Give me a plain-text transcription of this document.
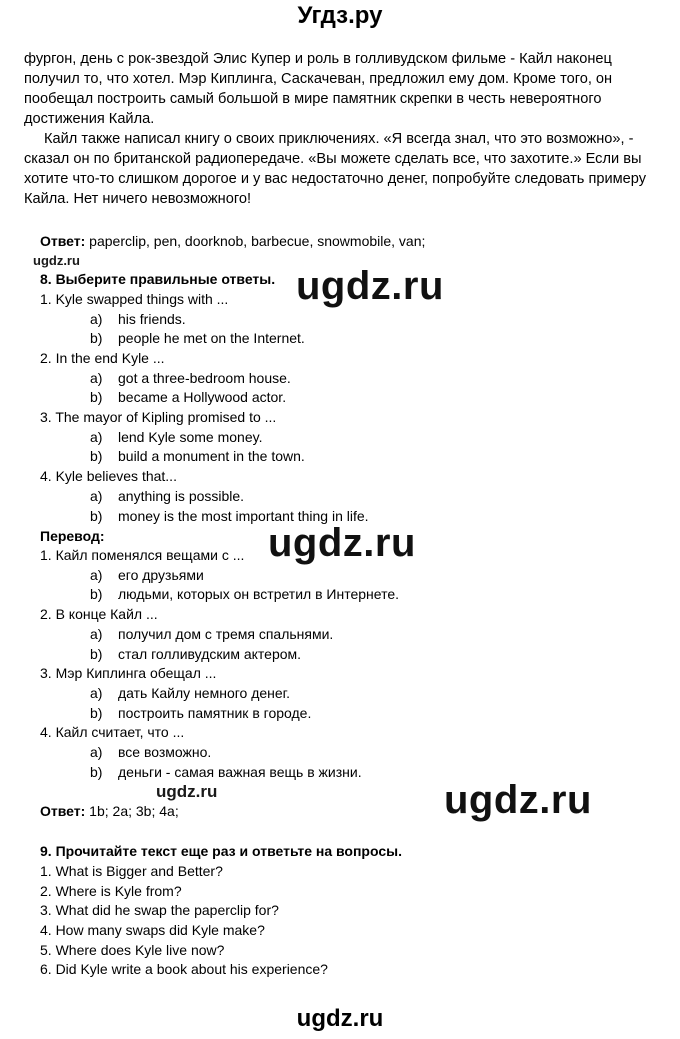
Угдз.ру

фургон, день с рок-звездой Элис Купер и роль в голливудском фильме - Кайл наконец получил то, что хотел. Мэр Киплинга, Саскачеван, предложил ему дом. Кроме того, он пообещал построить самый большой в мире памятник скрепки в честь невероятного достижения Кайла.

Кайл также написал книгу о своих приключениях. «Я всегда знал, что это возможно», - сказал он по британской радиопередаче. «Вы можете сделать все, что захотите.» Если вы хотите что-то слишком дорогое и у вас недостаточно денег, попробуйте следовать примеру Кайла. Нет ничего невозможного!

Ответ: paperclip, pen, doorknob, barbecue, snowmobile, van;
ugdz.ru
8. Выберите правильные ответы. ugdz.ru
1. Kyle swapped things with ...
a) his friends.
b) people he met on the Internet.
2. In the end Kyle ...
a) got a three-bedroom house.
b) became a Hollywood actor.
3. The mayor of Kipling promised to ...
a) lend Kyle some money.
b) build a monument in the town.
4. Kyle believes that...
a) anything is possible.
b) money is the most important thing in life.
Перевод:	ugdz.ru
1. Кайл поменялся вещами с ...
a) его друзьями
b) людьми, которых он встретил в Интернете.
2. В конце Кайл ...
a) получил дом с тремя спальнями.
b) стал голливудским актером.
3. Мэр Киплинга обещал ...
a) дать Кайлу немного денег.
b) построить памятник в городе.
4. Кайл считает, что ...
a) все возможно.
b) деньги - самая важная вещь в жизни.
ugdz.ru
Ответ: 1b; 2a; 3b; 4a;	ugdz.ru
9. Прочитайте текст еще раз и ответьте на вопросы.
1. What is Bigger and Better?
2. Where is Kyle from?
3. What did he swap the paperclip for?
4. How many swaps did Kyle make?
5. Where does Kyle live now?
6. Did Kyle write a book about his experience?
ugdz.ru
